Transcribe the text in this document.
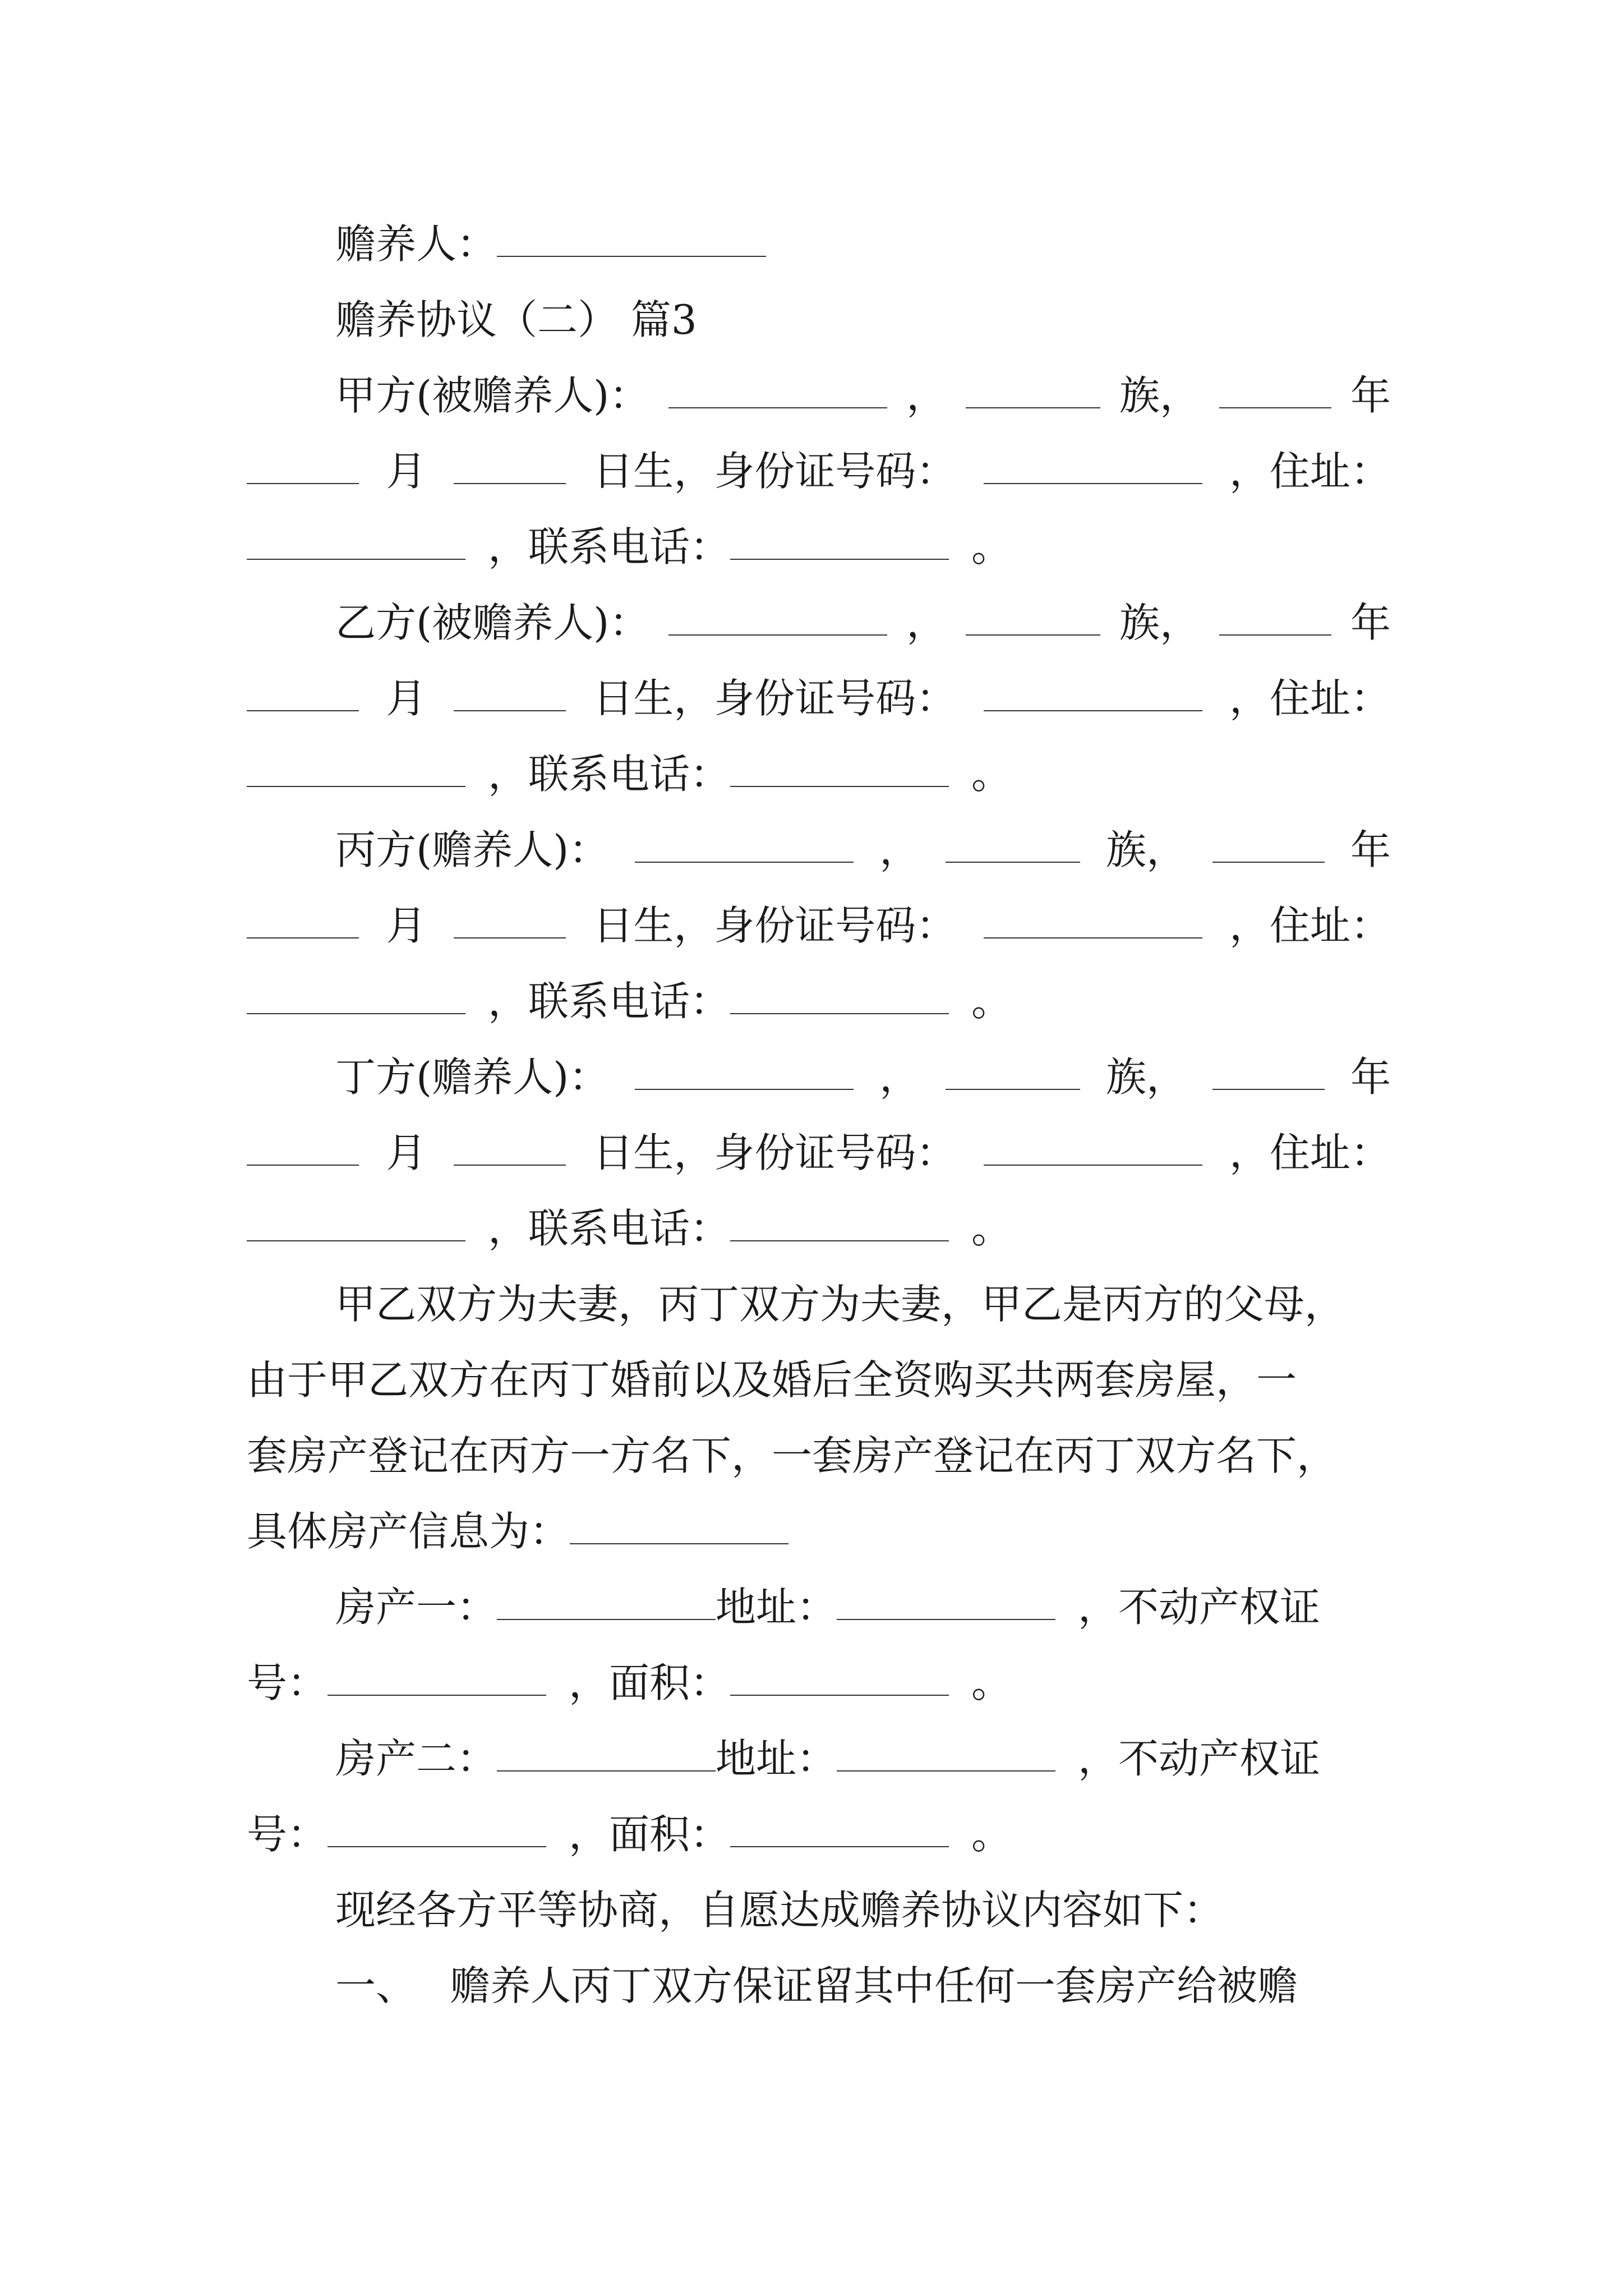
赡养人：
赡养协议（二） 篇3
甲方(被赡养人)：	，	族，	年
月	日生，身份证号码：	，住址：
，联系电话：	。
乙方(被赡养人)：	，	族，	年
月	日生，身份证号码：	，住址：
，联系电话：	。
丙方(赡养人)：	，	族，	年
月	日生，身份证号码：	，住址：
，联系电话：	。
丁方(赡养人)：	，	族，	年
月	日生，身份证号码：	，住址：
，联系电话：	。
甲乙双方为夫妻，丙丁双方为夫妻，甲乙是丙方的父母，
由于甲乙双方在丙丁婚前以及婚后全资购买共两套房屋，一
套房产登记在丙方一方名下，一套房产登记在丙丁双方名下，
具体房产信息为：
房产一：	地址：	，不动产权证
号：	，面积：	。
房产二：	地址：	，不动产权证
号：	，面积：	。
现经各方平等协商，自愿达成赡养协议内容如下：
一、 赡养人丙丁双方保证留其中任何一套房产给被赡
